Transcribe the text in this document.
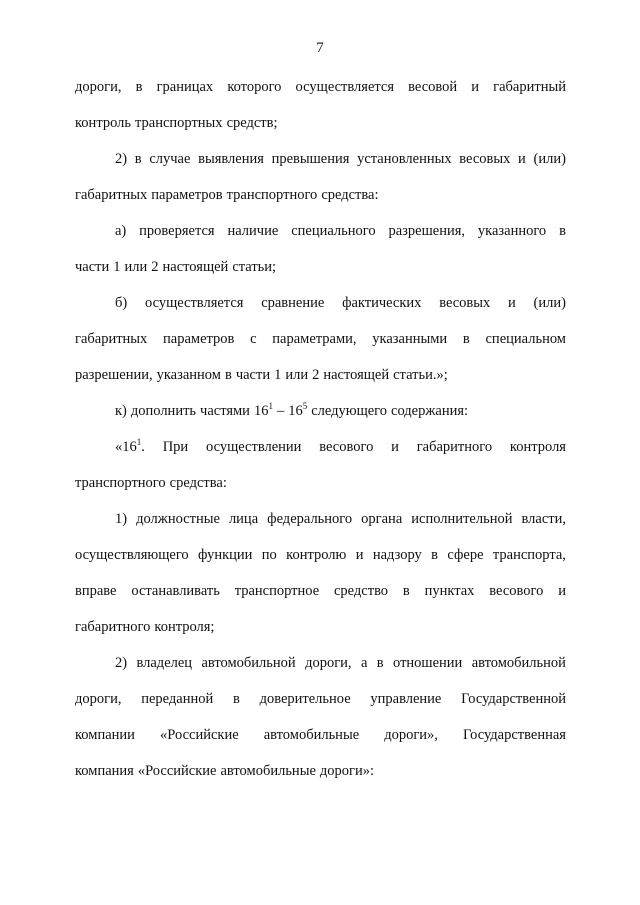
7
дороги, в границах которого осуществляется весовой и габаритный
контроль транспортных средств;
2) в случае выявления превышения установленных весовых и (или)
габаритных параметров транспортного средства:
а) проверяется наличие специального разрешения, указанного в
части 1 или 2 настоящей статьи;
б) осуществляется сравнение фактических весовых и (или)
габаритных параметров с параметрами, указанными в специальном
разрешении, указанном в части 1 или 2 настоящей статьи.»;
к) дополнить частями $16^1 - 16^5$ следующего содержания:
«$16^1$. При осуществлении весового и габаритного контроля
транспортного средства:
1) должностные лица федерального органа исполнительной власти,
осуществляющего функции по контролю и надзору в сфере транспорта,
вправе останавливать транспортное средство в пунктах весового и
габаритного контроля;
2) владелец автомобильной дороги, а в отношении автомобильной
дороги, переданной в доверительное управление Государственной
компании «Российские автомобильные дороги», Государственная
компания «Российские автомобильные дороги»:
